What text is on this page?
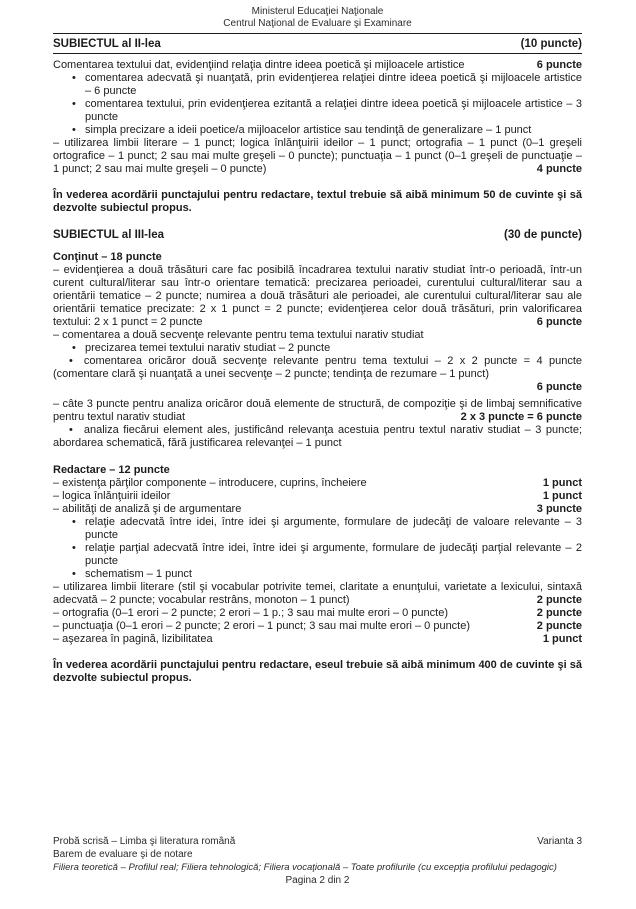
Ministerul Educaţiei Naţionale
Centrul Naţional de Evaluare şi Examinare
SUBIECTUL al II-lea	(10 puncte)
Comentarea textului dat, evidenţiind relaţia dintre ideea poetică şi mijloacele artistice	6 puncte
• comentarea adecvată şi nuanţată, prin evidenţierea relaţiei dintre ideea poetică şi mijloacele artistice – 6 puncte
• comentarea textului, prin evidenţierea ezitantă a relaţiei dintre ideea poetică şi mijloacele artistice – 3 puncte
• simpla precizare a ideii poetice/a mijloacelor artistice sau tendinţă de generalizare – 1 punct
– utilizarea limbii literare – 1 punct; logica înlănţuirii ideilor – 1 punct; ortografia – 1 punct (0–1 greşeli ortografice – 1 punct; 2 sau mai multe greşeli – 0 puncte); punctuaţia – 1 punct (0–1 greşeli de punctuaţie – 1 punct; 2 sau mai multe greşeli – 0 puncte)	4 puncte
În vederea acordării punctajului pentru redactare, textul trebuie să aibă minimum 50 de cuvinte şi să dezvolte subiectul propus.
SUBIECTUL al III-lea	(30 de puncte)
Conţinut – 18 puncte
– evidenţierea a două trăsături care fac posibilă încadrarea textului narativ studiat într-o perioadă, într-un curent cultural/literar sau într-o orientare tematică: precizarea perioadei, curentului cultural/literar sau a orientării tematice – 2 puncte; numirea a două trăsături ale perioadei, ale curentului cultural/literar sau ale orientării tematice precizate: 2 x 1 punct = 2 puncte; evidenţierea celor două trăsături, prin valorificarea textului: 2 x 1 punct = 2 puncte	6 puncte
– comentarea a două secvenţe relevante pentru tema textului narativ studiat
• precizarea temei textului narativ studiat – 2 puncte
• comentarea oricăror două secvenţe relevante pentru tema textului – 2 x 2 puncte = 4 puncte (comentare clară şi nuanţată a unei secvenţe – 2 puncte; tendinţa de rezumare – 1 punct)
6 puncte
– câte 3 puncte pentru analiza oricăror două elemente de structură, de compoziţie şi de limbaj semnificative pentru textul narativ studiat	2 x 3 puncte = 6 puncte
• analiza fiecărui element ales, justificând relevanţa acestuia pentru textul narativ studiat – 3 puncte; abordarea schematică, fără justificarea relevanţei – 1 punct
Redactare – 12 puncte
– existenţa părţilor componente – introducere, cuprins, încheiere	1 punct
– logica înlănţuirii ideilor	1 punct
– abilităţi de analiză şi de argumentare	3 puncte
• relaţie adecvată între idei, între idei şi argumente, formulare de judecăţi de valoare relevante – 3 puncte
• relaţie parţial adecvată între idei, între idei şi argumente, formulare de judecăţi parţial relevante – 2 puncte
• schematism – 1 punct
– utilizarea limbii literare (stil şi vocabular potrivite temei, claritate a enunţului, varietate a lexicului, sintaxă adecvată – 2 puncte; vocabular restrâns, monoton – 1 punct)	2 puncte
– ortografia (0–1 erori – 2 puncte; 2 erori – 1 p.; 3 sau mai multe erori – 0 puncte)	2 puncte
– punctuaţia (0–1 erori – 2 puncte; 2 erori – 1 punct; 3 sau mai multe erori – 0 puncte)	2 puncte
– aşezarea în pagină, lizibilitatea	1 punct
În vederea acordării punctajului pentru redactare, eseul trebuie să aibă minimum 400 de cuvinte şi să dezvolte subiectul propus.
Probă scrisă – Limba şi literatura română	Varianta 3
Barem de evaluare şi de notare
Filiera teoretică – Profilul real; Filiera tehnologică; Filiera vocaţională – Toate profilurile (cu excepţia profilului pedagogic)
Pagina 2 din 2
